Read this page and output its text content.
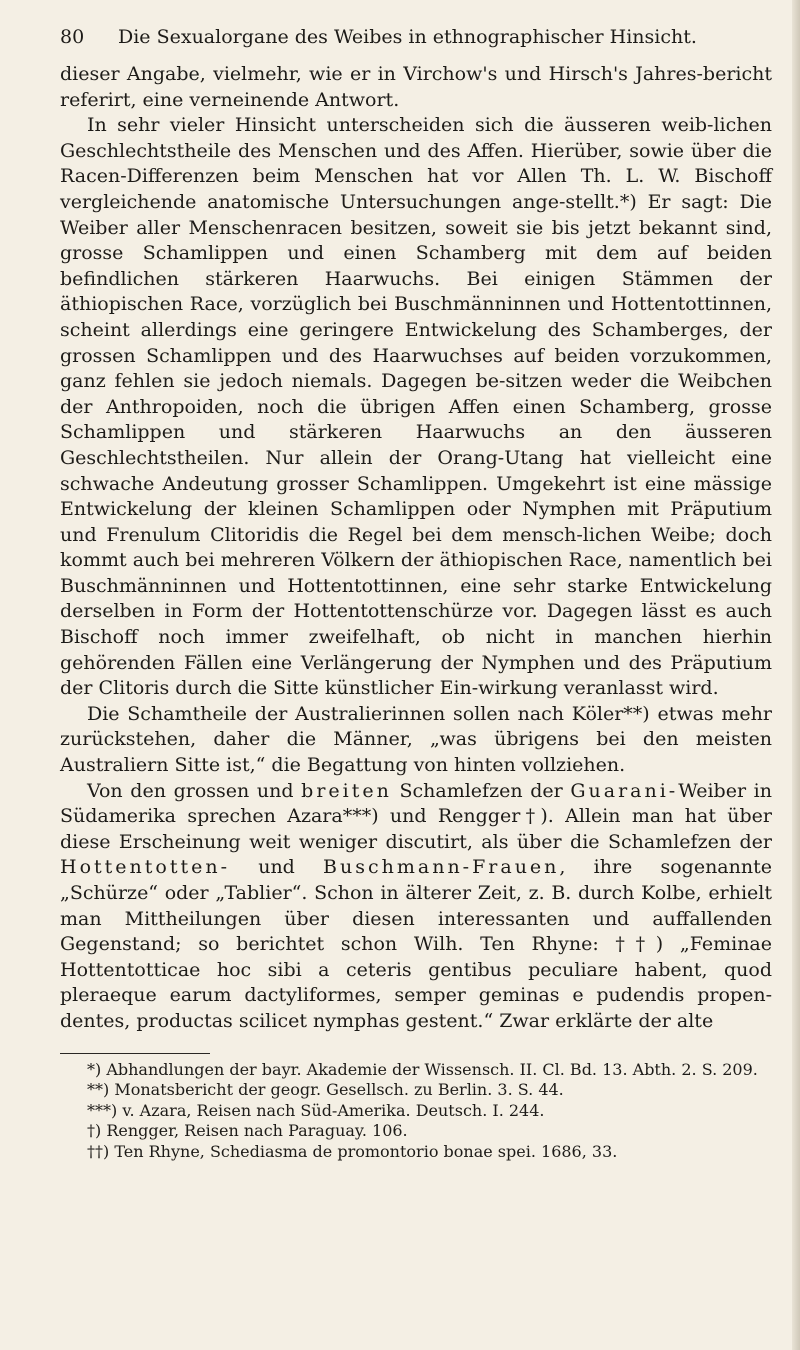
80 Die Sexualorgane des Weibes in ethnographischer Hinsicht.

dieser Angabe, vielmehr, wie er in Virchow's und Hirsch's Jahres-bericht referirt, eine verneinende Antwort.

In sehr vieler Hinsicht unterscheiden sich die äusseren weib-lichen Geschlechtstheile des Menschen und des Affen. Hierüber, sowie über die Racen-Differenzen beim Menschen hat vor Allen Th. L. W. Bischoff vergleichende anatomische Untersuchungen ange-stellt.*) Er sagt: Die Weiber aller Menschenracen besitzen, soweit sie bis jetzt bekannt sind, grosse Schamlippen und einen Schamberg mit dem auf beiden befindlichen stärkeren Haarwuchs. Bei einigen Stämmen der äthiopischen Race, vorzüglich bei Buschmänninnen und Hottentottinnen, scheint allerdings eine geringere Entwickelung des Schamberges, der grossen Schamlippen und des Haarwuchses auf beiden vorzukommen, ganz fehlen sie jedoch niemals. Dagegen be-sitzen weder die Weibchen der Anthropoiden, noch die übrigen Affen einen Schamberg, grosse Schamlippen und stärkeren Haarwuchs an den äusseren Geschlechtstheilen. Nur allein der Orang-Utang hat vielleicht eine schwache Andeutung grosser Schamlippen. Umgekehrt ist eine mässige Entwickelung der kleinen Schamlippen oder Nymphen mit Präputium und Frenulum Clitoridis die Regel bei dem mensch-lichen Weibe; doch kommt auch bei mehreren Völkern der äthiopischen Race, namentlich bei Buschmänninnen und Hottentottinnen, eine sehr starke Entwickelung derselben in Form der Hottentottenschürze vor. Dagegen lässt es auch Bischoff noch immer zweifelhaft, ob nicht in manchen hierhin gehörenden Fällen eine Verlängerung der Nymphen und des Präputium der Clitoris durch die Sitte künstlicher Ein-wirkung veranlasst wird.

Die Schamtheile der Australierinnen sollen nach Köler**) etwas mehr zurückstehen, daher die Männer, „was übrigens bei den meisten Australiern Sitte ist,“ die Begattung von hinten vollziehen.

Von den grossen und breiten Schamlefzen der Guarani-Weiber in Südamerika sprechen Azara***) und Rengger†). Allein man hat über diese Erscheinung weit weniger discutirt, als über die Schamlefzen der Hottentotten- und Buschmann-Frauen, ihre sogenannte „Schürze“ oder „Tablier“. Schon in älterer Zeit, z. B. durch Kolbe, erhielt man Mittheilungen über diesen interessanten und auffallenden Gegenstand; so berichtet schon Wilh. Ten Rhyne: ††) „Feminae Hottentotticae hoc sibi a ceteris gentibus peculiare habent, quod pleraeque earum dactyliformes, semper geminas e pudendis propen-dentes, productas scilicet nymphas gestent.“ Zwar erklärte der alte

*) Abhandlungen der bayr. Akademie der Wissensch. II. Cl. Bd. 13. Abth. 2. S. 209.

**) Monatsbericht der geogr. Gesellsch. zu Berlin. 3. S. 44.

***) v. Azara, Reisen nach Süd-Amerika. Deutsch. I. 244.

†) Rengger, Reisen nach Paraguay. 106.

††) Ten Rhyne, Schediasma de promontorio bonae spei. 1686, 33.
